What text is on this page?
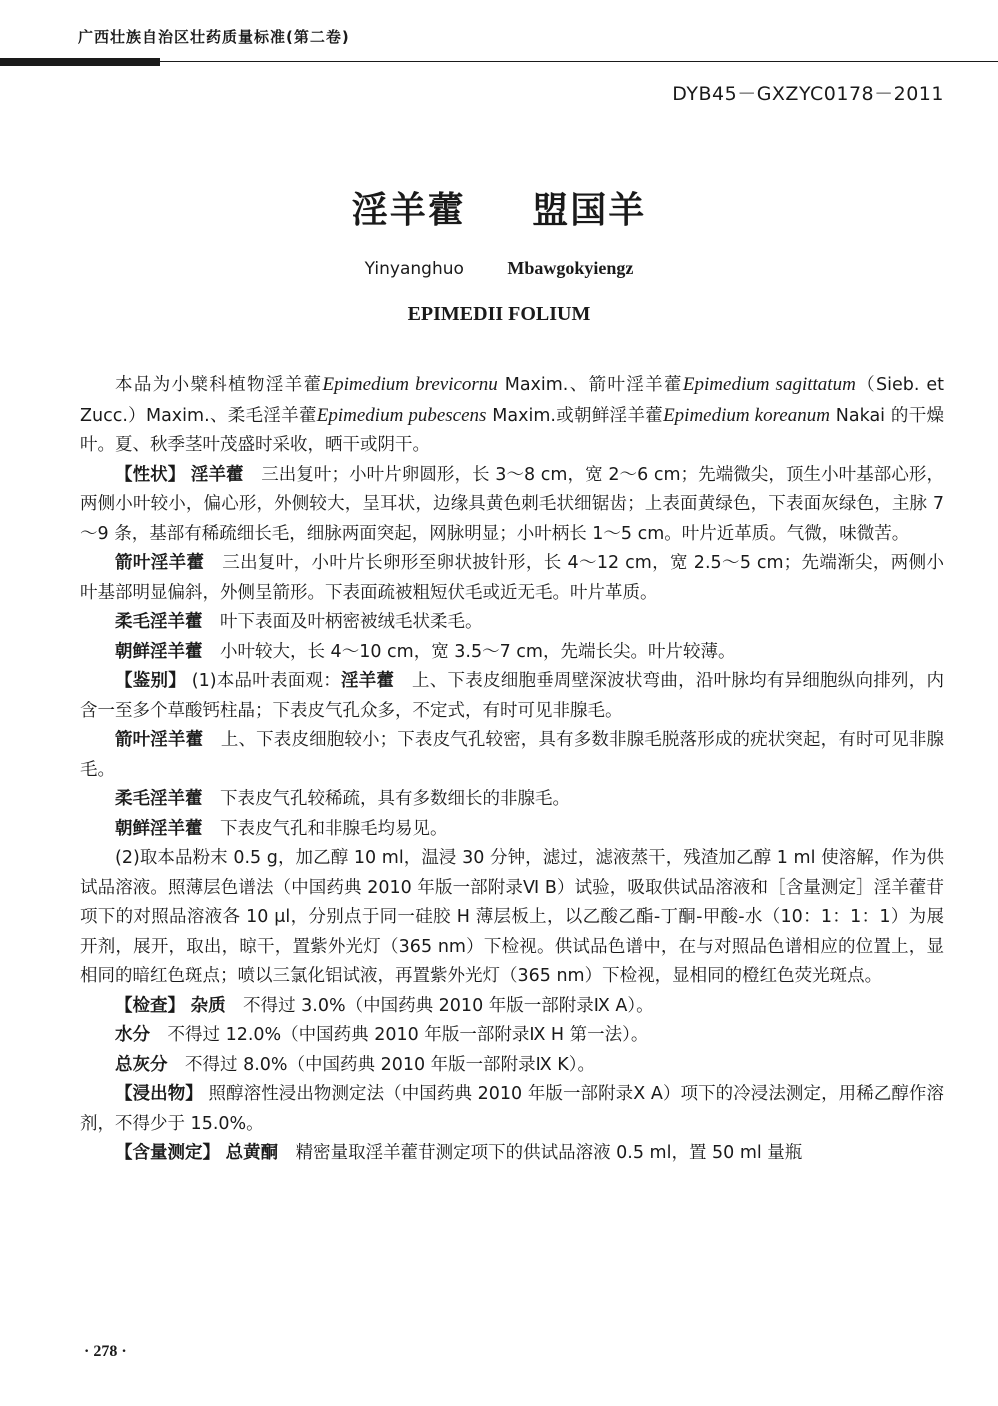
广西壮族自治区壮药质量标准(第二卷)
DYB45－GXZYC0178－2011
淫羊藿 盟国羊
Yinyanghuo Mbawgokyiengz
EPIMEDII FOLIUM

本品为小檗科植物淫羊藿Epimedium brevicornu Maxim.、箭叶淫羊藿Epimedium sagittatum（Sieb. et Zucc.）Maxim.、柔毛淫羊藿Epimedium pubescens Maxim.或朝鲜淫羊藿Epimedium koreanum Nakai 的干燥叶。夏、秋季茎叶茂盛时采收，晒干或阴干。

【性状】 淫羊藿　 三出复叶；小叶片卵圆形，长 3～8 cm，宽 2～6 cm；先端微尖，顶生小叶基部心形，两侧小叶较小，偏心形，外侧较大，呈耳状，边缘具黄色刺毛状细锯齿；上表面黄绿色，下表面灰绿色，主脉 7～9 条，基部有稀疏细长毛，细脉两面突起，网脉明显；小叶柄长 1～5 cm。叶片近革质。气微，味微苦。

箭叶淫羊藿　 三出复叶，小叶片长卵形至卵状披针形，长 4～12 cm，宽 2.5～5 cm；先端渐尖，两侧小叶基部明显偏斜，外侧呈箭形。下表面疏被粗短伏毛或近无毛。叶片革质。

柔毛淫羊藿　 叶下表面及叶柄密被绒毛状柔毛。

朝鲜淫羊藿　 小叶较大，长 4～10 cm，宽 3.5～7 cm，先端长尖。叶片较薄。

【鉴别】 (1)本品叶表面观：淫羊藿　 上、下表皮细胞垂周壁深波状弯曲，沿叶脉均有异细胞纵向排列，内含一至多个草酸钙柱晶；下表皮气孔众多，不定式，有时可见非腺毛。

箭叶淫羊藿　 上、下表皮细胞较小；下表皮气孔较密，具有多数非腺毛脱落形成的疣状突起，有时可见非腺毛。

柔毛淫羊藿　 下表皮气孔较稀疏，具有多数细长的非腺毛。

朝鲜淫羊藿　 下表皮气孔和非腺毛均易见。

(2)取本品粉末 0.5 g，加乙醇 10 ml，温浸 30 分钟，滤过，滤液蒸干，残渣加乙醇 1 ml 使溶解，作为供试品溶液。照薄层色谱法（中国药典 2010 年版一部附录Ⅵ B）试验，吸取供试品溶液和［含量测定］淫羊藿苷项下的对照品溶液各 10 μl，分别点于同一硅胶 H 薄层板上，以乙酸乙酯-丁酮-甲酸-水（10：1：1：1）为展开剂，展开，取出，晾干，置紫外光灯（365 nm）下检视。供试品色谱中，在与对照品色谱相应的位置上，显相同的暗红色斑点；喷以三氯化铝试液，再置紫外光灯（365 nm）下检视，显相同的橙红色荧光斑点。

【检查】 杂质　 不得过 3.0%（中国药典 2010 年版一部附录Ⅸ A）。

水分　 不得过 12.0%（中国药典 2010 年版一部附录Ⅸ H 第一法）。

总灰分　 不得过 8.0%（中国药典 2010 年版一部附录Ⅸ K）。

【浸出物】 照醇溶性浸出物测定法（中国药典 2010 年版一部附录Ⅹ A）项下的冷浸法测定，用稀乙醇作溶剂，不得少于 15.0%。

【含量测定】 总黄酮　 精密量取淫羊藿苷测定项下的供试品溶液 0.5 ml，置 50 ml 量瓶

· 278 ·
